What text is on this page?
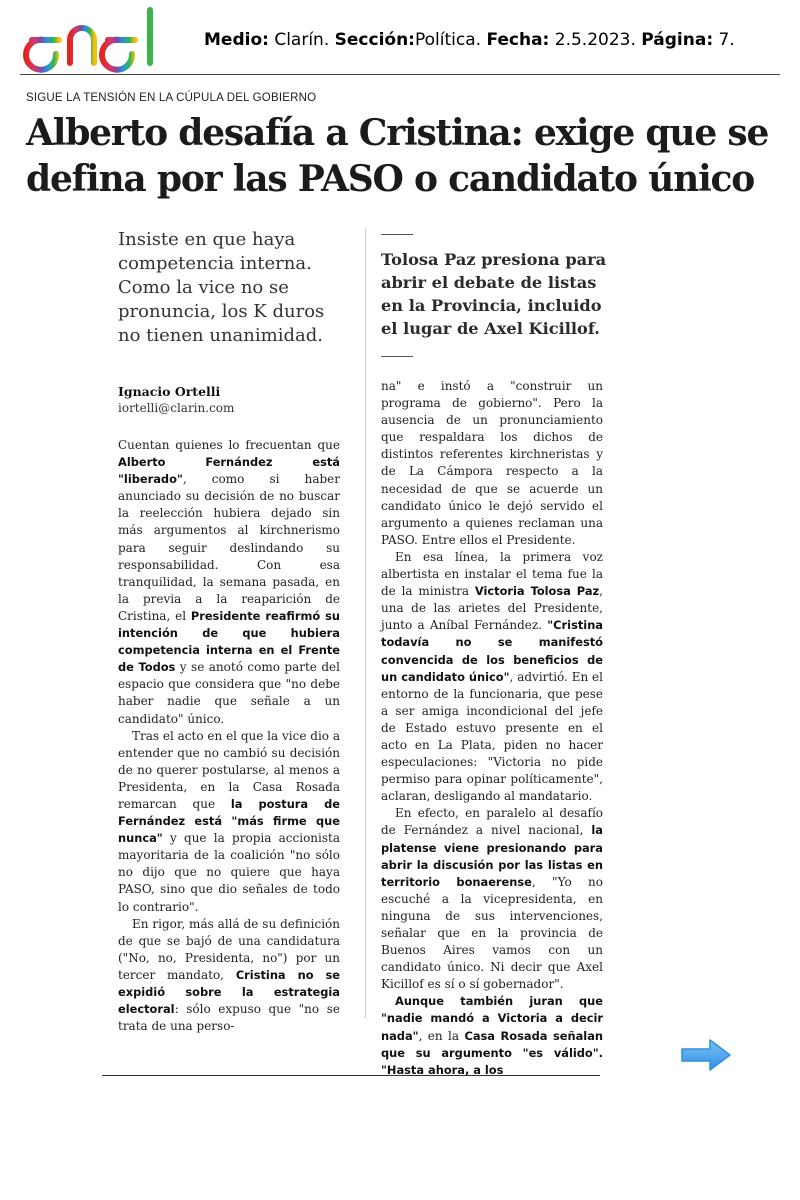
Medio: Clarín. Sección:Política. Fecha: 2.5.2023. Página: 7.
SIGUE LA TENSIÓN EN LA CÚPULA DEL GOBIERNO
Alberto desafía a Cristina: exige que se
defina por las PASO o candidato único
Insiste en que haya competencia interna. Como la vice no se pronuncia, los K duros no tienen unanimidad.
Tolosa Paz presiona para abrir el debate de listas en la Provincia, incluido el lugar de Axel Kicillof.
Ignacio Ortelli
iortelli@clarin.com

Cuentan quienes lo frecuentan que Alberto Fernández está "liberado", como si haber anunciado su decisión de no buscar la reelección hubiera dejado sin más argumentos al kirchnerismo para seguir deslindando su responsabilidad. Con esa tranquilidad, la semana pasada, en la previa a la reaparición de Cristina, el Presidente reafirmó su intención de que hubiera competencia interna en el Frente de Todos y se anotó como parte del espacio que considera que "no debe haber nadie que señale a un candidato" único.

Tras el acto en el que la vice dio a entender que no cambió su decisión de no querer postularse, al menos a Presidenta, en la Casa Rosada remarcan que la postura de Fernández está "más firme que nunca" y que la propia accionista mayoritaria de la coalición "no sólo no dijo que no quiere que haya PASO, sino que dio señales de todo lo contrario".

En rigor, más allá de su definición de que se bajó de una candidatura ("No, no, Presidenta, no") por un tercer mandato, Cristina no se expidió sobre la estrategia electoral: sólo expuso que "no se trata de una perso-

na" e instó a "construir un programa de gobierno". Pero la ausencia de un pronunciamiento que respaldara los dichos de distintos referentes kirchneristas y de La Cámpora respecto a la necesidad de que se acuerde un candidato único le dejó servido el argumento a quienes reclaman una PASO. Entre ellos el Presidente.

En esa línea, la primera voz albertista en instalar el tema fue la de la ministra Victoria Tolosa Paz, una de las arietes del Presidente, junto a Aníbal Fernández. "Cristina todavía no se manifestó convencida de los beneficios de un candidato único", advirtió. En el entorno de la funcionaria, que pese a ser amiga incondicional del jefe de Estado estuvo presente en el acto en La Plata, piden no hacer especulaciones: "Victoria no pide permiso para opinar políticamente", aclaran, desligando al mandatario.

En efecto, en paralelo al desafío de Fernández a nivel nacional, la platense viene presionando para abrir la discusión por las listas en territorio bonaerense, "Yo no escuché a la vicepresidenta, en ninguna de sus intervenciones, señalar que en la provincia de Buenos Aires vamos con un candidato único. Ni decir que Axel Kicillof es sí o sí gobernador".

Aunque también juran que "nadie mandó a Victoria a decir nada", en la Casa Rosada señalan que su argumento "es válido". "Hasta ahora, a los
